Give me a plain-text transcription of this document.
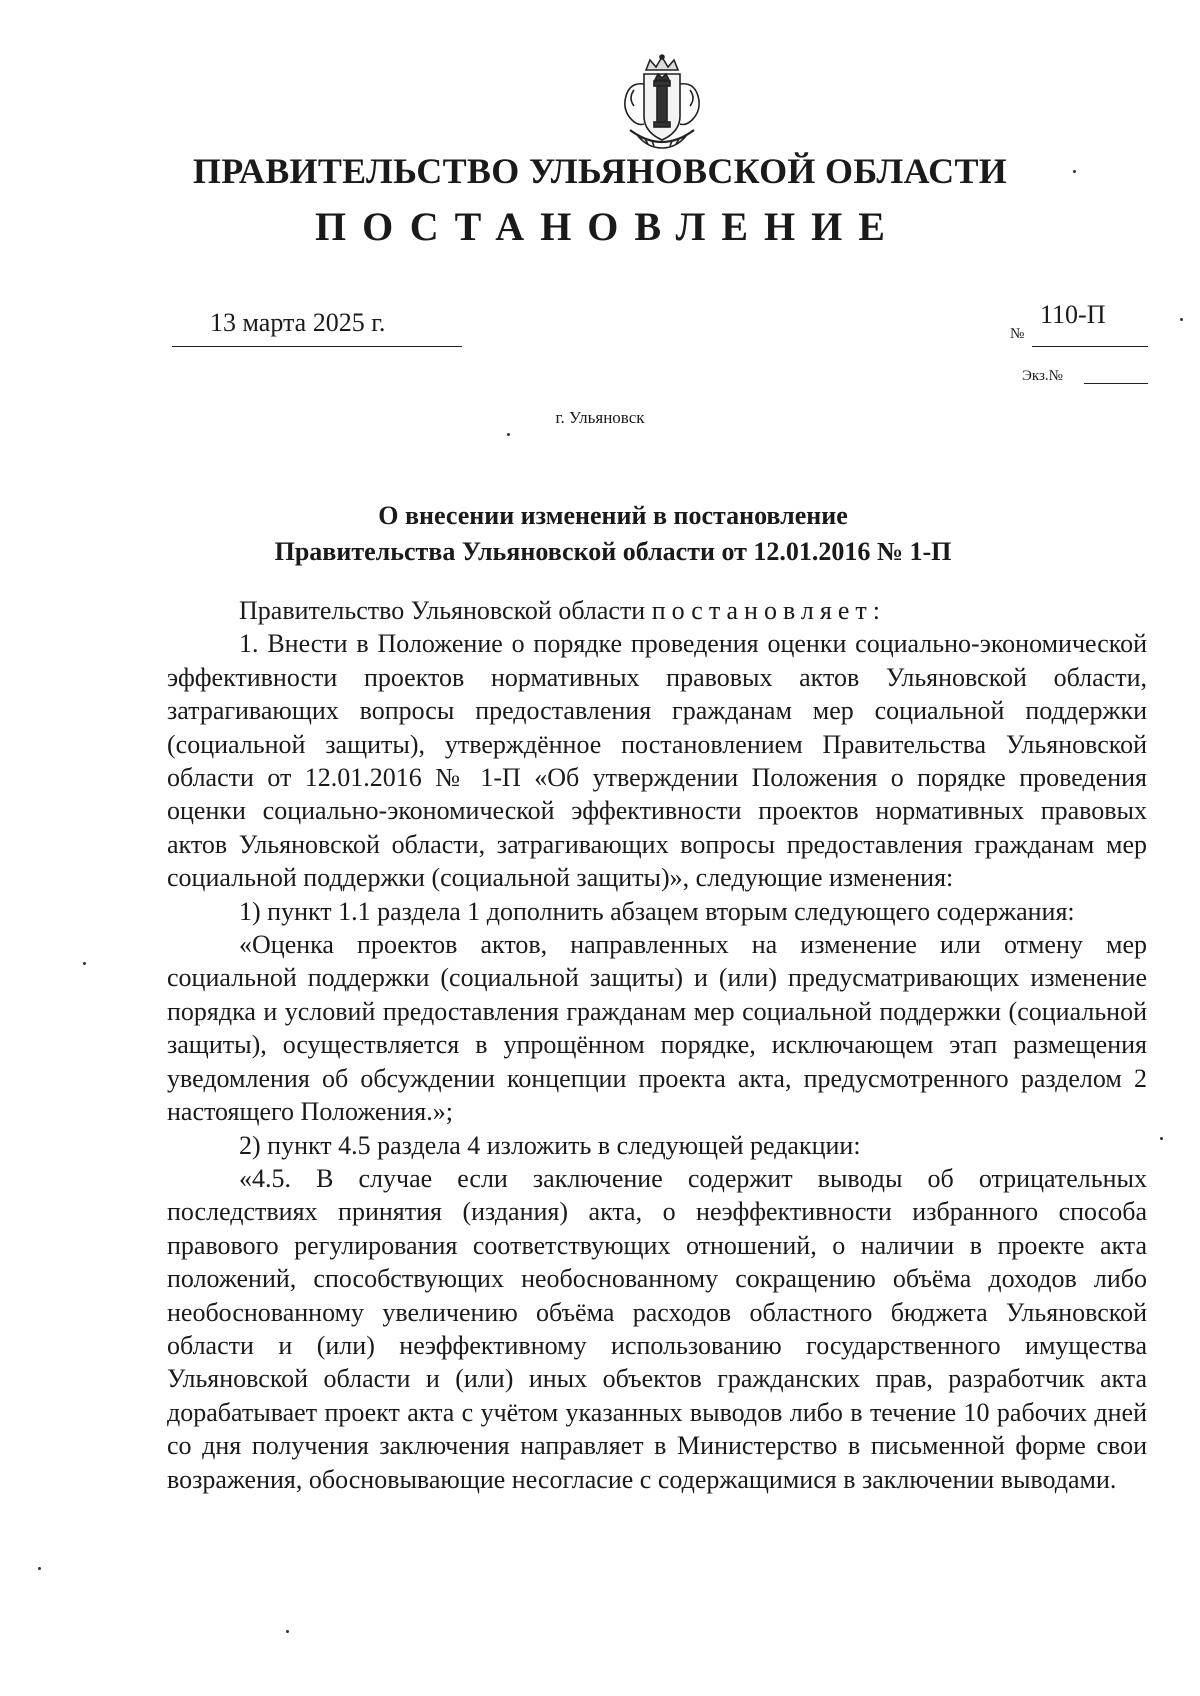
ПРАВИТЕЛЬСТВО УЛЬЯНОВСКОЙ ОБЛАСТИ
ПОСТАНОВЛЕНИЕ
13 марта 2025 г.	№
110-П
Экз.№
г. Ульяновск
О внесении изменений в постановление
Правительства Ульяновской области от 12.01.2016 № 1-П

Правительство Ульяновской области постановляет:

1. Внести в Положение о порядке проведения оценки социально-экономической эффективности проектов нормативных правовых актов Ульяновской области, затрагивающих вопросы предоставления гражданам мер социальной поддержки (социальной защиты), утверждённое постановлением Правительства Ульяновской области от 12.01.2016 № 1-П «Об утверждении Положения о порядке проведения оценки социально-экономической эффективности проектов нормативных правовых актов Ульяновской области, затрагивающих вопросы предоставления гражданам мер социальной поддержки (социальной защиты)», следующие изменения:

1) пункт 1.1 раздела 1 дополнить абзацем вторым следующего содержания:

«Оценка проектов актов, направленных на изменение или отмену мер социальной поддержки (социальной защиты) и (или) предусматривающих изменение порядка и условий предоставления гражданам мер социальной поддержки (социальной защиты), осуществляется в упрощённом порядке, исключающем этап размещения уведомления об обсуждении концепции проекта акта, предусмотренного разделом 2 настоящего Положения.»;

2) пункт 4.5 раздела 4 изложить в следующей редакции:

«4.5. В случае если заключение содержит выводы об отрицательных последствиях принятия (издания) акта, о неэффективности избранного способа правового регулирования соответствующих отношений, о наличии в проекте акта положений, способствующих необоснованному сокращению объёма доходов либо необоснованному увеличению объёма расходов областного бюджета Ульяновской области и (или) неэффективному использованию государственного имущества Ульяновской области и (или) иных объектов гражданских прав, разработчик акта дорабатывает проект акта с учётом указанных выводов либо в течение 10 рабочих дней со дня получения заключения направляет в Министерство в письменной форме свои возражения, обосновывающие несогласие с содержащимися в заключении выводами.
